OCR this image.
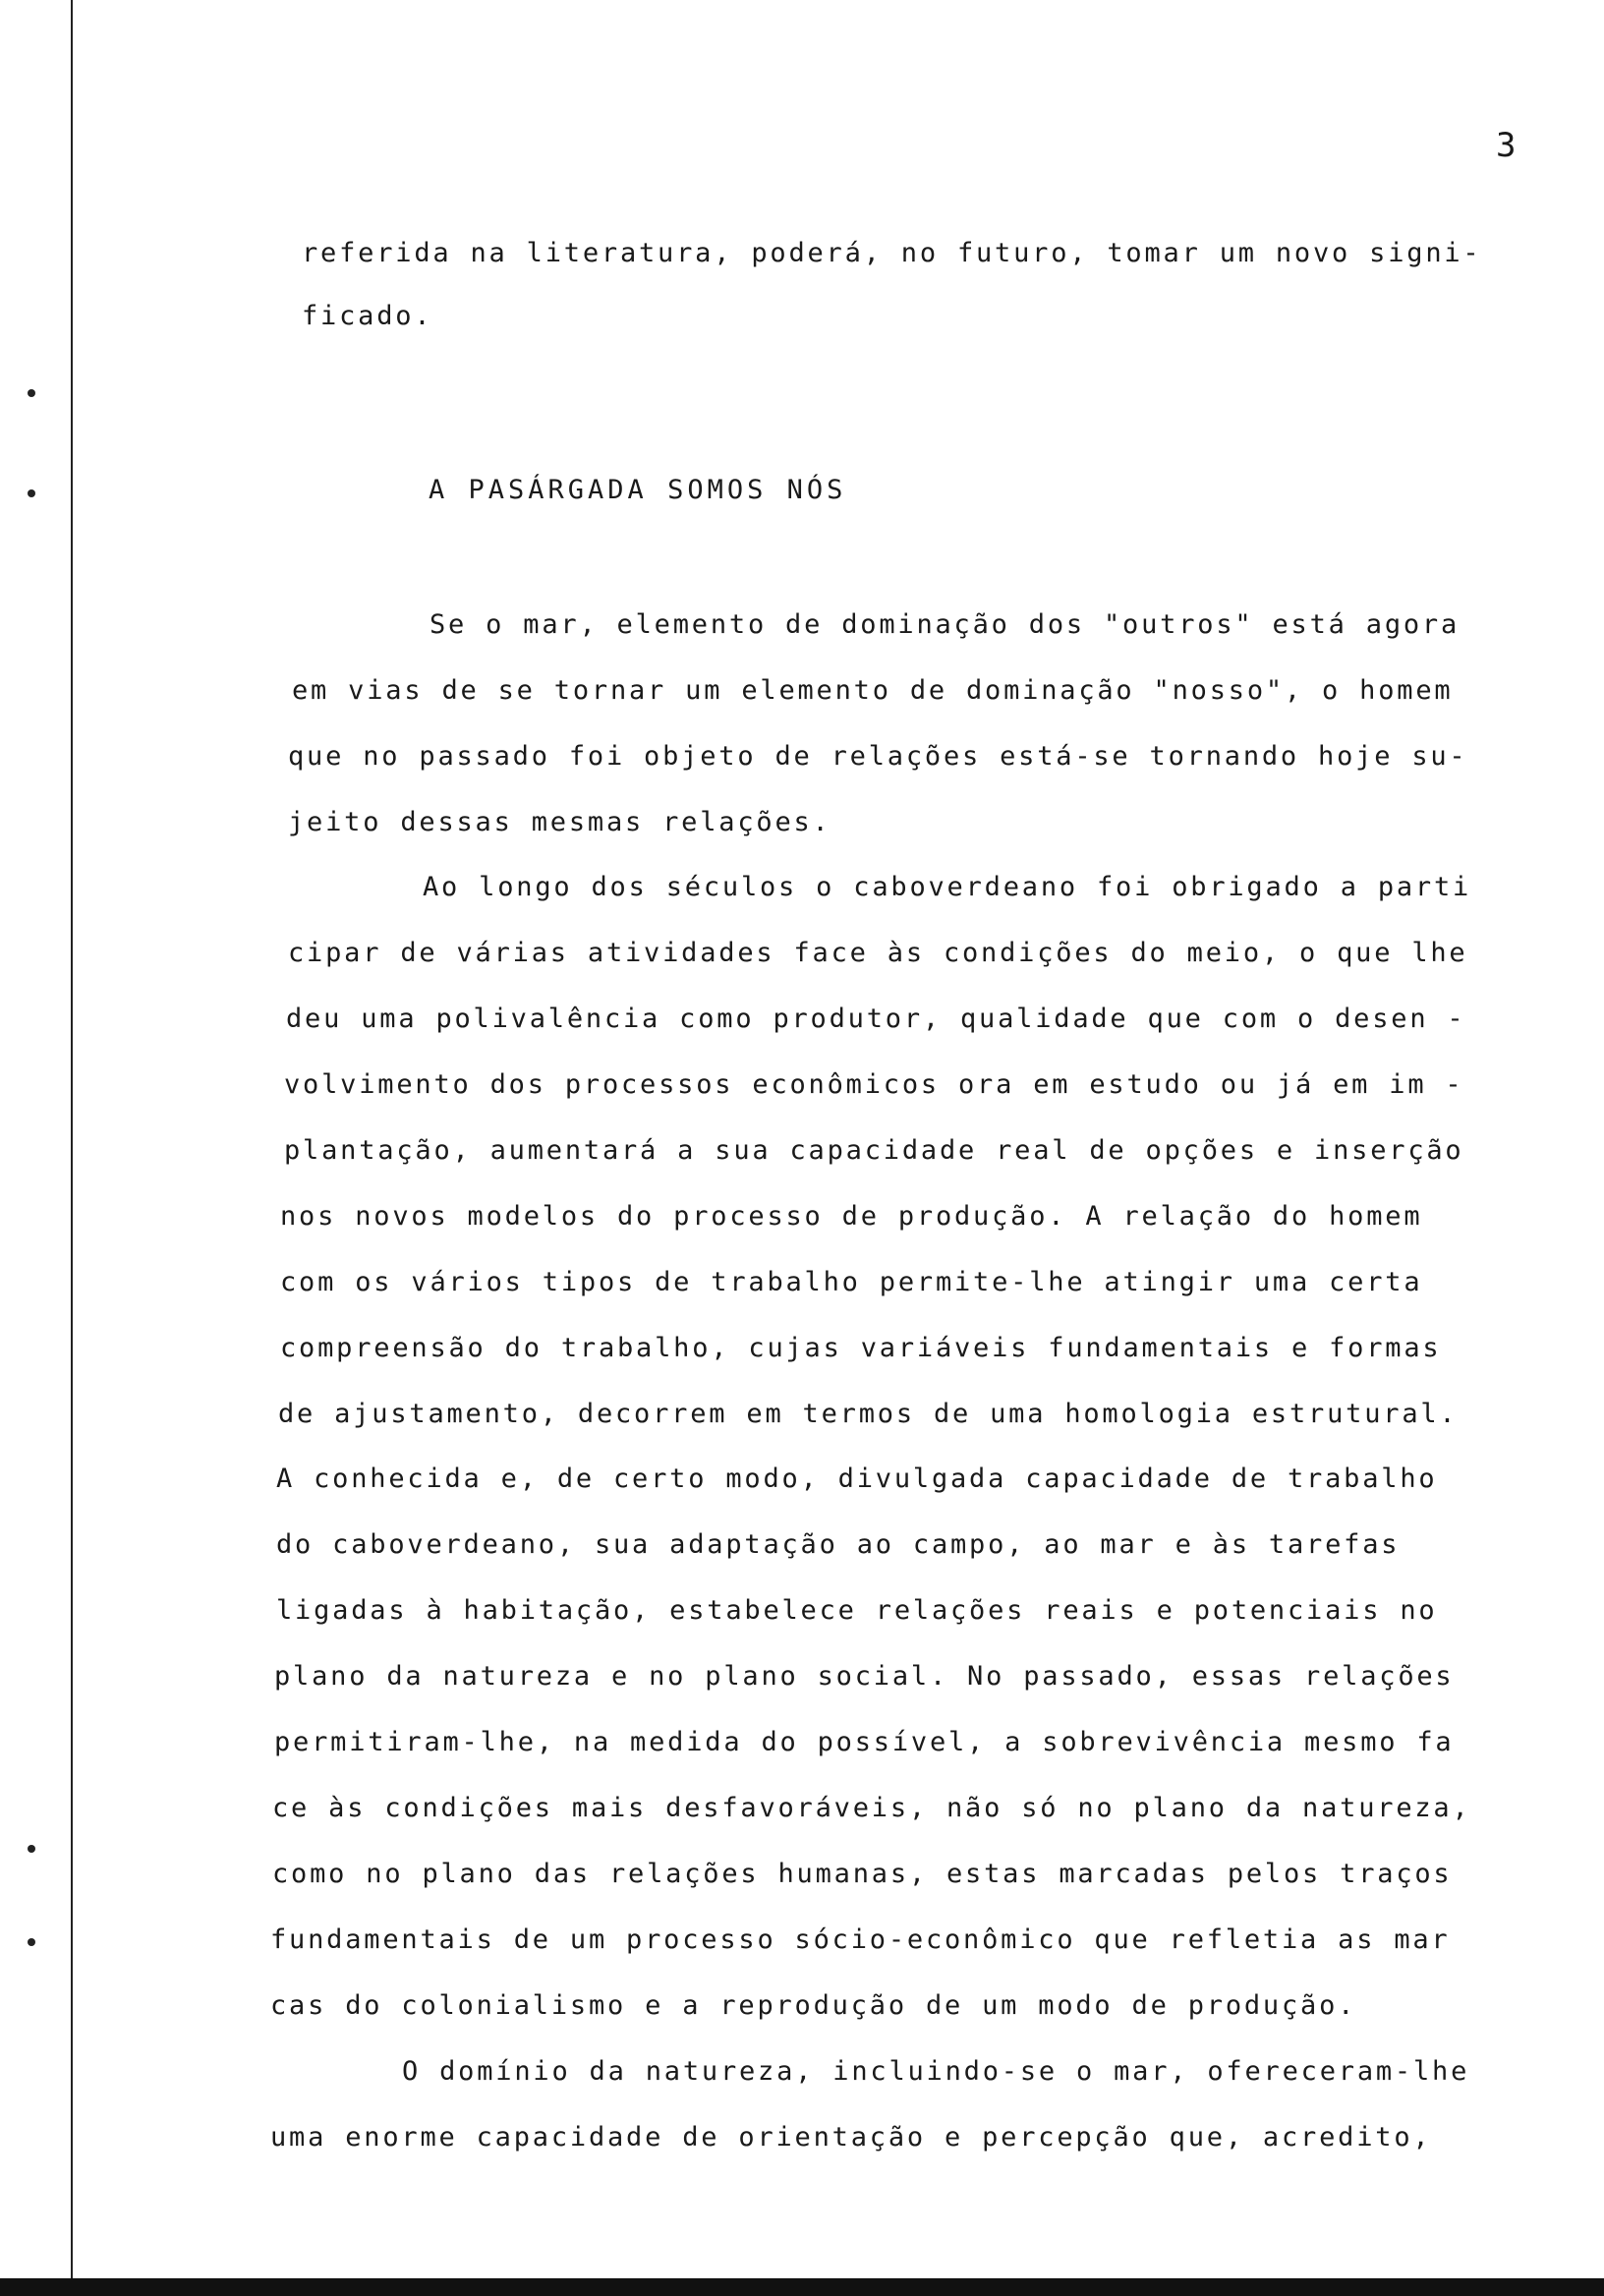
3
referida na literatura, poderá, no futuro, tomar um novo signi-
ficado.
A PASÁRGADA SOMOS NÓS
Se o mar, elemento de dominação dos "outros" está agora
em vias de se tornar um elemento de dominação "nosso", o homem
que no passado foi objeto de relações está-se tornando hoje su-
jeito dessas mesmas relações.
Ao longo dos séculos o caboverdeano foi obrigado a parti
cipar de várias atividades face às condições do meio, o que lhe
deu uma polivalência como produtor, qualidade que com o desen -
volvimento dos processos econômicos ora em estudo ou já em im -
plantação, aumentará a sua capacidade real de opções e inserção
nos novos modelos do processo de produção. A relação do homem
com os vários tipos de trabalho permite-lhe atingir uma certa
compreensão do trabalho, cujas variáveis fundamentais e formas
de ajustamento, decorrem em termos de uma homologia estrutural.
A conhecida e, de certo modo, divulgada capacidade de trabalho
do caboverdeano, sua adaptação ao campo, ao mar e às tarefas
ligadas à habitação, estabelece relações reais e potenciais no
plano da natureza e no plano social. No passado, essas relações
permitiram-lhe, na medida do possível, a sobrevivência mesmo fa
ce às condições mais desfavoráveis, não só no plano da natureza,
como no plano das relações humanas, estas marcadas pelos traços
fundamentais de um processo sócio-econômico que refletia as mar
cas do colonialismo e a reprodução de um modo de produção.
O domínio da natureza, incluindo-se o mar, ofereceram-lhe
uma enorme capacidade de orientação e percepção que, acredito,
